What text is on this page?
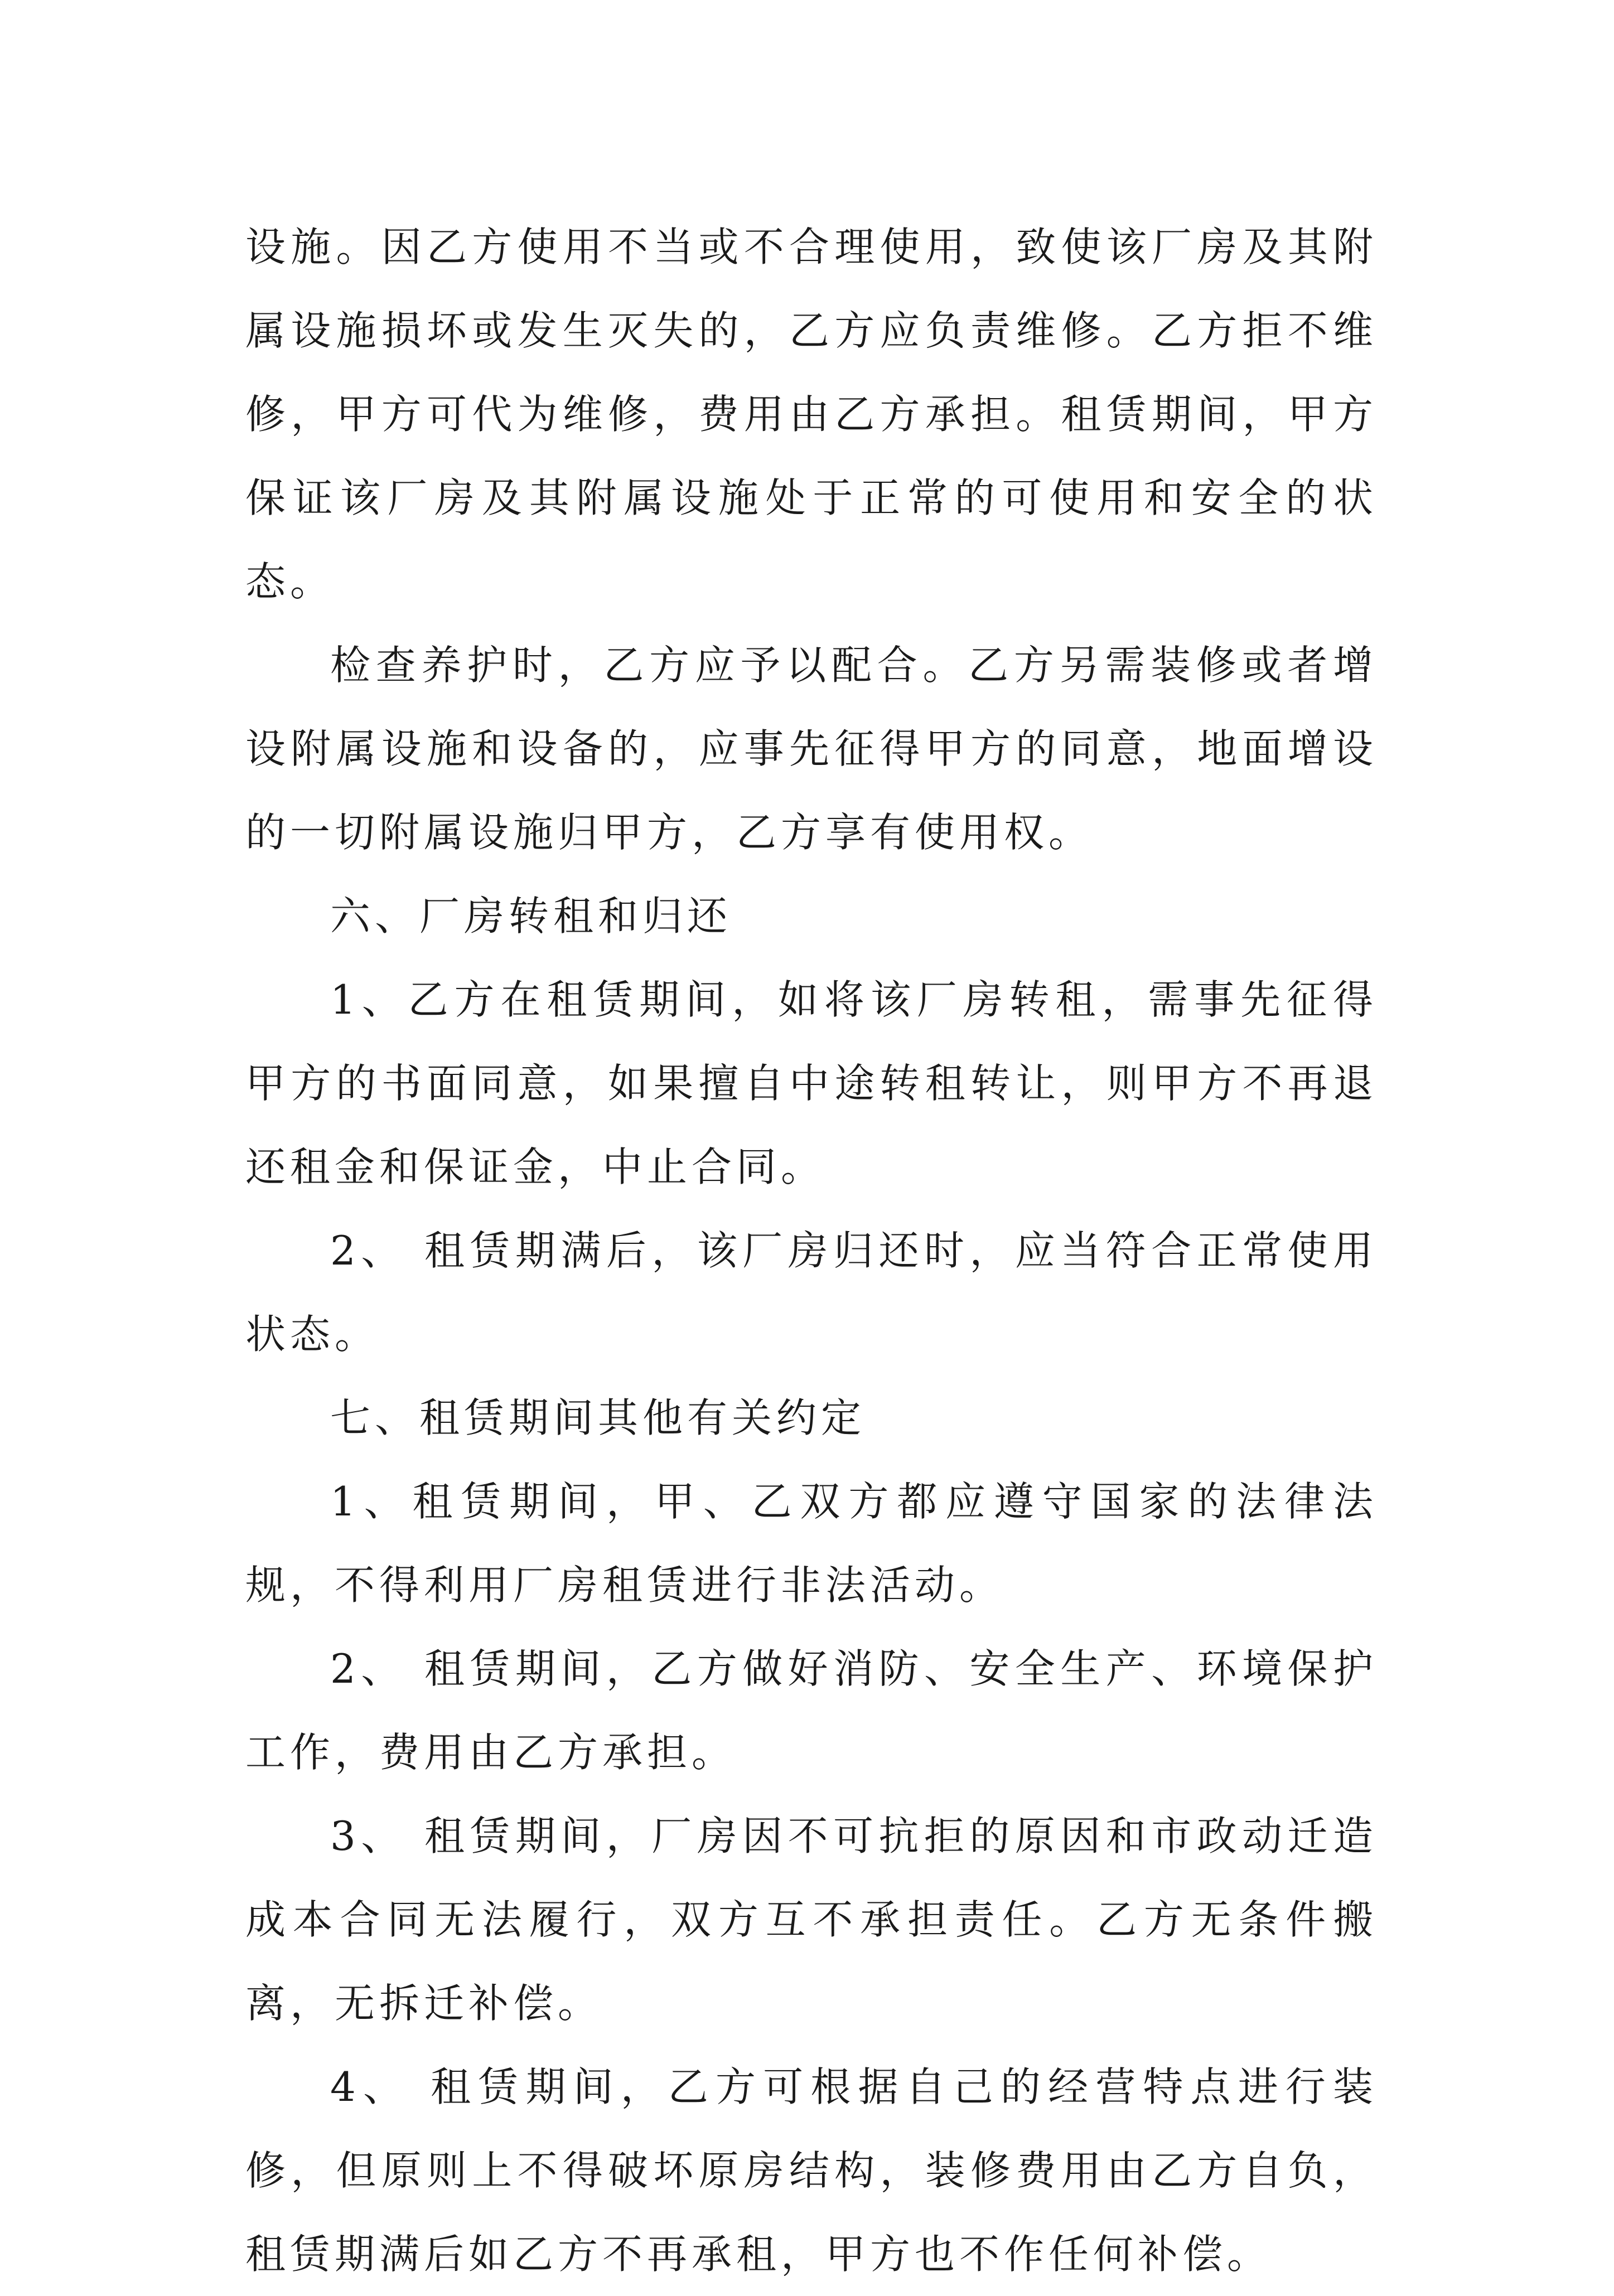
设施。因乙方使用不当或不合理使用，致使该厂房及其附属设施损坏或发生灭失的，乙方应负责维修。乙方拒不维修，甲方可代为维修，费用由乙方承担。租赁期间，甲方保证该厂房及其附属设施处于正常的可使用和安全的状态。

检查养护时，乙方应予以配合。乙方另需装修或者增设附属设施和设备的，应事先征得甲方的同意，地面增设的一切附属设施归甲方，乙方享有使用权。

六、厂房转租和归还

1、乙方在租赁期间，如将该厂房转租，需事先征得甲方的书面同意，如果擅自中途转租转让，则甲方不再退还租金和保证金，中止合同。

2、 租赁期满后，该厂房归还时，应当符合正常使用状态。

七、租赁期间其他有关约定

1、租赁期间，甲、乙双方都应遵守国家的法律法规，不得利用厂房租赁进行非法活动。

2、 租赁期间，乙方做好消防、安全生产、环境保护工作，费用由乙方承担。

3、 租赁期间，厂房因不可抗拒的原因和市政动迁造成本合同无法履行，双方互不承担责任。乙方无条件搬离，无拆迁补偿。

4、 租赁期间，乙方可根据自己的经营特点进行装修，但原则上不得破坏原房结构，装修费用由乙方自负，租赁期满后如乙方不再承租，甲方也不作任何补偿。
